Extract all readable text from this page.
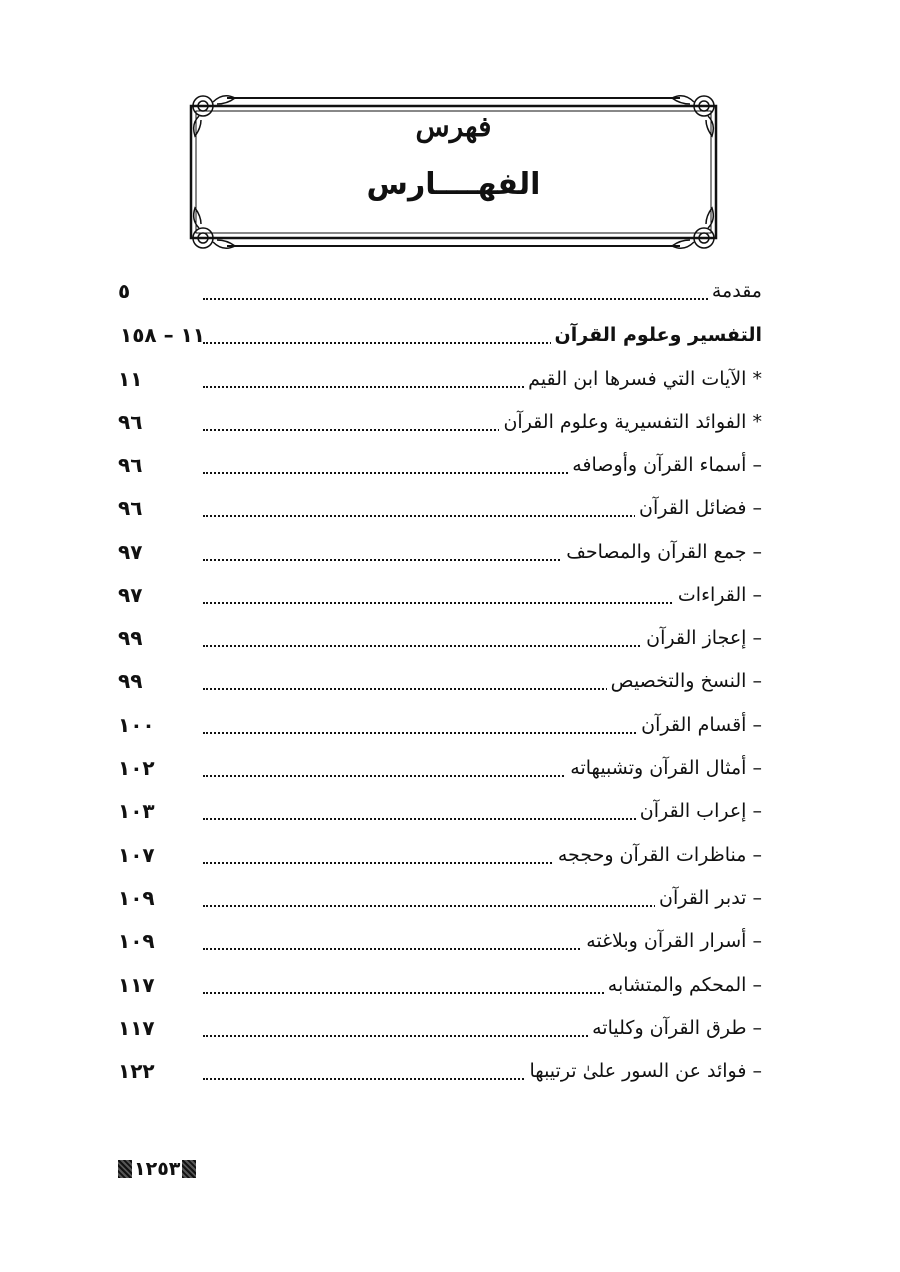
فهرس
الفهــــارس
مقدمة
٥
التفسير وعلوم القرآن
١١ – ١٥٨
* الآيات التي فسرها ابن القيم
١١
* الفوائد التفسيرية وعلوم القرآن
٩٦
– أسماء القرآن وأوصافه
٩٦
– فضائل القرآن
٩٦
– جمع القرآن والمصاحف
٩٧
– القراءات
٩٧
– إعجاز القرآن
٩٩
– النسخ والتخصيص
٩٩
– أقسام القرآن
١٠٠
– أمثال القرآن وتشبيهاته
١٠٢
– إعراب القرآن
١٠٣
– مناظرات القرآن وحججه
١٠٧
– تدبر القرآن
١٠٩
– أسرار القرآن وبلاغته
١٠٩
– المحكم والمتشابه
١١٧
– طرق القرآن وكلياته
١١٧
– فوائد عن السور علىٰ ترتيبها
١٢٢
١٢٥٣
